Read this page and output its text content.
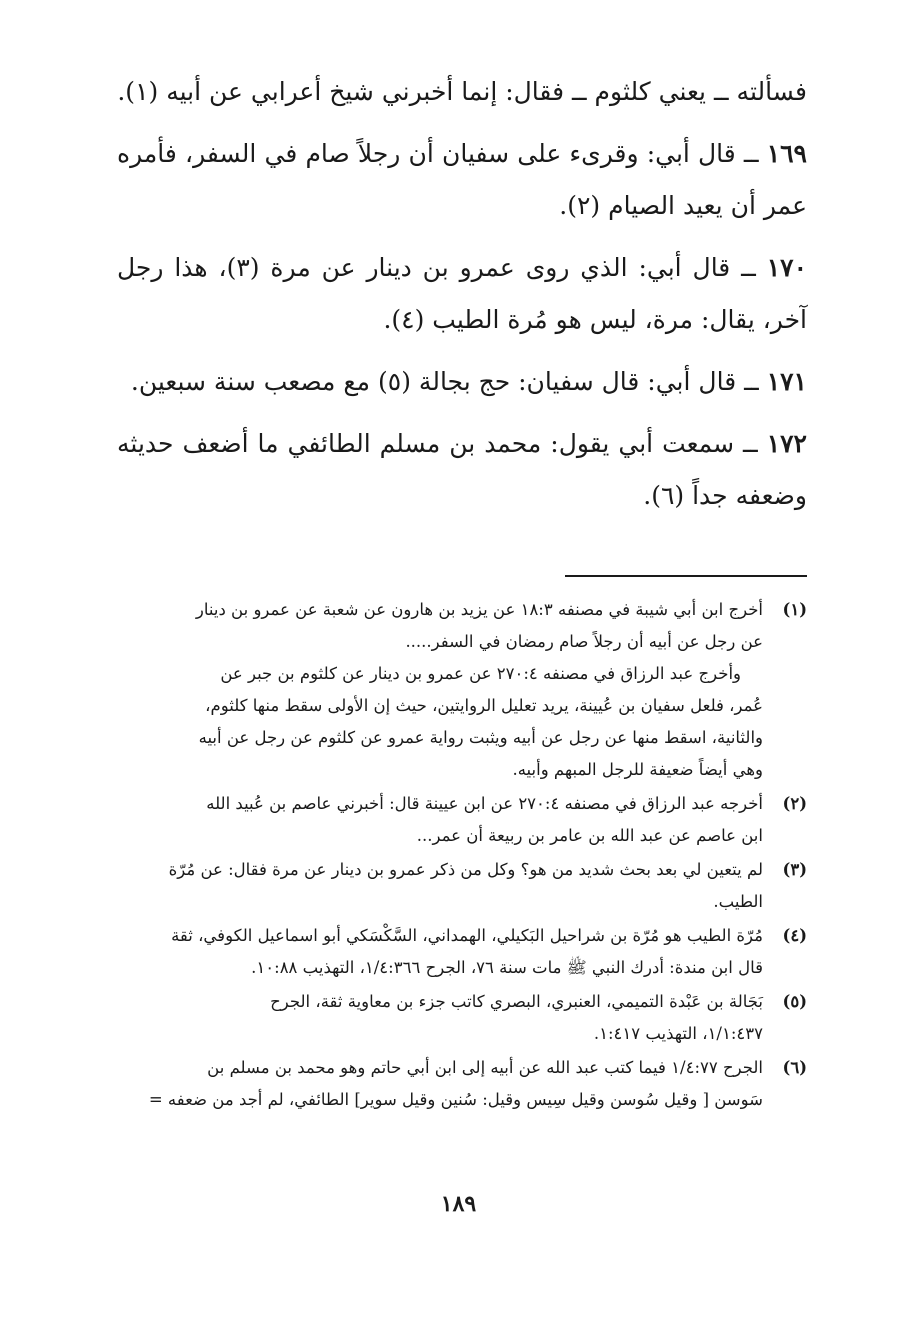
فسألته ــ يعني كلثوم ــ فقال: إنما أخبرني شيخ أعرابي عن أبيه (١).

١٦٩ ــ قال أبي: وقرىء على سفيان أن رجلاً صام في السفر، فأمره عمر أن يعيد الصيام (٢).

١٧٠ ــ قال أبي: الذي روى عمرو بن دينار عن مرة (٣)، هذا رجل آخر، يقال: مرة، ليس هو مُرة الطيب (٤).

١٧١ ــ قال أبي: قال سفيان: حج بجالة (٥) مع مصعب سنة سبعين.

١٧٢ ــ سمعت أبي يقول: محمد بن مسلم الطائفي ما أضعف حديثه وضعفه جداً (٦).

(١)
أخرج ابن أبي شيبة في مصنفه ١٨:٣ عن يزيد بن هارون عن شعبة عن عمرو بن دينار
عن رجل عن أبيه أن رجلاً صام رمضان في السفر.....
وأخرج عبد الرزاق في مصنفه ٢٧٠:٤ عن عمرو بن دينار عن كلثوم بن جبر عن
عُمر، فلعل سفيان بن عُيينة، يريد تعليل الروايتين، حيث إن الأولى سقط منها كلثوم،
والثانية، اسقط منها عن رجل عن أبيه ويثبت رواية عمرو عن كلثوم عن رجل عن أبيه
وهي أيضاً ضعيفة للرجل المبهم وأبيه.
(٢)
أخرجه عبد الرزاق في مصنفه ٢٧٠:٤ عن ابن عيينة قال: أخبرني عاصم بن عُبيد الله
ابن عاصم عن عبد الله بن عامر بن ربيعة أن عمر...
(٣)
لم يتعين لي بعد بحث شديد من هو؟ وكل من ذكر عمرو بن دينار عن مرة فقال: عن مُرّة
الطيب.
(٤)
مُرّة الطيب هو مُرّة بن شراحيل البَكيلي، الهمداني، السَّكْسَكي أبو اسماعيل الكوفي، ثقة
قال ابن مندة: أدرك النبي ﷺ مات سنة ٧٦، الجرح ١/٤:٣٦٦، التهذيب ١٠:٨٨.
(٥)
بَجَالة بن عَبْدة التميمي، العنبري، البصري كاتب جزء بن معاوية ثقة، الجرح
١/١:٤٣٧، التهذيب ١:٤١٧.
(٦)
الجرح ١/٤:٧٧ فيما كتب عبد الله عن أبيه إلى ابن أبي حاتم وهو محمد بن مسلم بن
سَوسن [ وقيل سُوسن وقيل سِيس وقيل: سُنين وقيل سوير] الطائفي، لم أجد من ضعفه =
١٨٩
